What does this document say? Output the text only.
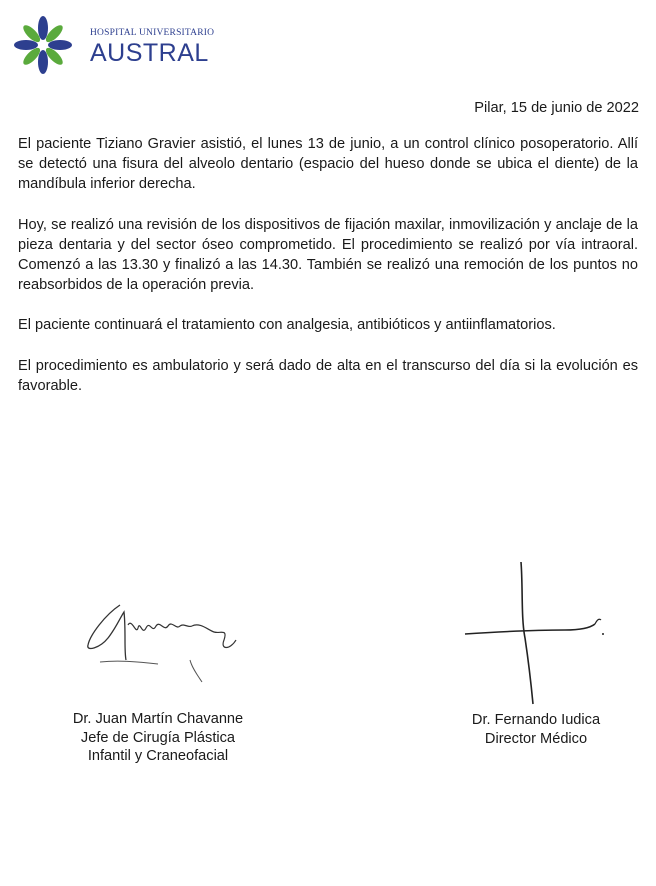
HOSPITAL UNIVERSITARIO
AUSTRAL
Pilar, 15 de junio de 2022

El paciente Tiziano Gravier asistió, el lunes 13 de junio, a un control clínico posoperatorio. Allí se detectó una fisura del alveolo dentario (espacio del hueso donde se ubica el diente) de la mandíbula inferior derecha.

Hoy, se realizó una revisión de los dispositivos de fijación maxilar, inmovilización y anclaje de la pieza dentaria y del sector óseo comprometido. El procedimiento se realizó por vía intraoral. Comenzó a las 13.30 y finalizó a las 14.30. También se realizó una remoción de los puntos no reabsorbidos de la operación previa.

El paciente continuará el tratamiento con analgesia, antibióticos y antiinflamatorios.

El procedimiento es ambulatorio y será dado de alta en el transcurso del día si la evolución es favorable.

Dr. Juan Martín Chavanne
Jefe de Cirugía Plástica
Infantil y Craneofacial
Dr. Fernando Iudica
Director Médico
